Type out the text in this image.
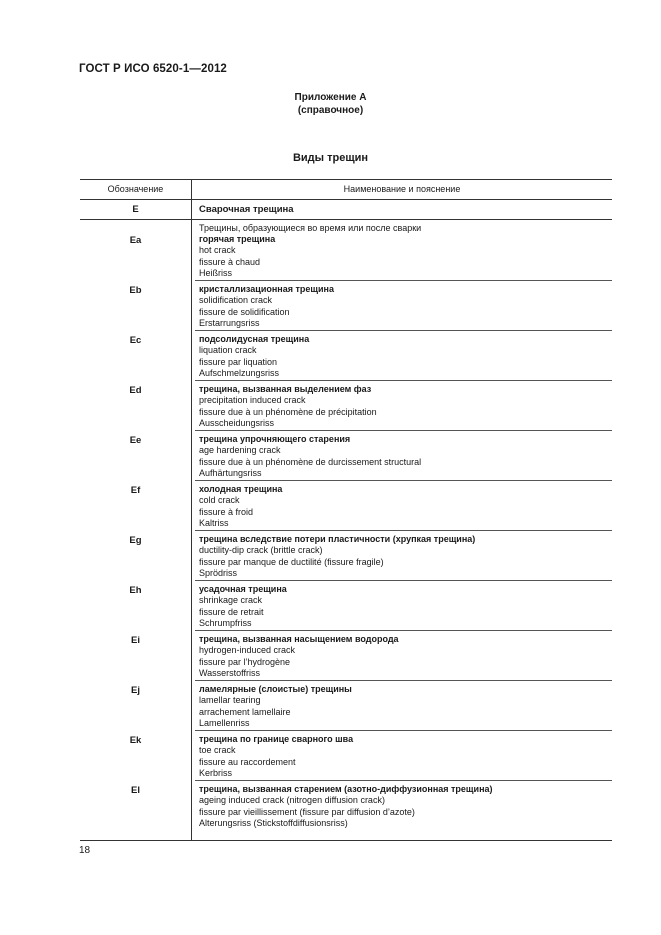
ГОСТ Р ИСО 6520-1—2012
Приложение А
(справочное)
Виды трещин
Обозначение	Наименование и пояснение
E	Сварочная трещина
Ea
Eb
Ec
Ed
Ee
Ef
Eg
Eh
Ei
Ej
Ek
El
Трещины, образующиеся во время или после сварки
горячая трещина
hot crack
fissure à chaud
Heißriss
кристаллизационная трещина
solidification crack
fissure de solidification
Erstarrungsriss
подсолидусная трещина
liquation crack
fissure par liquation
Aufschmelzungsriss
трещина, вызванная выделением фаз
precipitation induced crack
fissure due à un phénomène de précipitation
Ausscheidungsriss
трещина упрочняющего старения
age hardening crack
fissure due à un phénomène de durcissement structural
Aufhärtungsriss
холодная трещина
cold crack
fissure à froid
Kaltriss
трещина вследствие потери пластичности (хрупкая трещина)
ductility-dip crack (brittle crack)
fissure par manque de ductilité (fissure fragile)
Sprödriss
усадочная трещина
shrinkage crack
fissure de retrait
Schrumpfriss
трещина, вызванная насыщением водорода
hydrogen-induced crack
fissure par l’hydrogène
Wasserstoffriss
ламелярные (слоистые) трещины
lamellar tearing
arrachement lamellaire
Lamellenriss
трещина по границе сварного шва
toe crack
fissure au raccordement
Kerbriss
трещина, вызванная старением (азотно-диффузионная трещина)
ageing induced crack (nitrogen diffusion crack)
fissure par vieillissement (fissure par diffusion d’azote)
Alterungsriss (Stickstoffdiffusionsriss)
18
